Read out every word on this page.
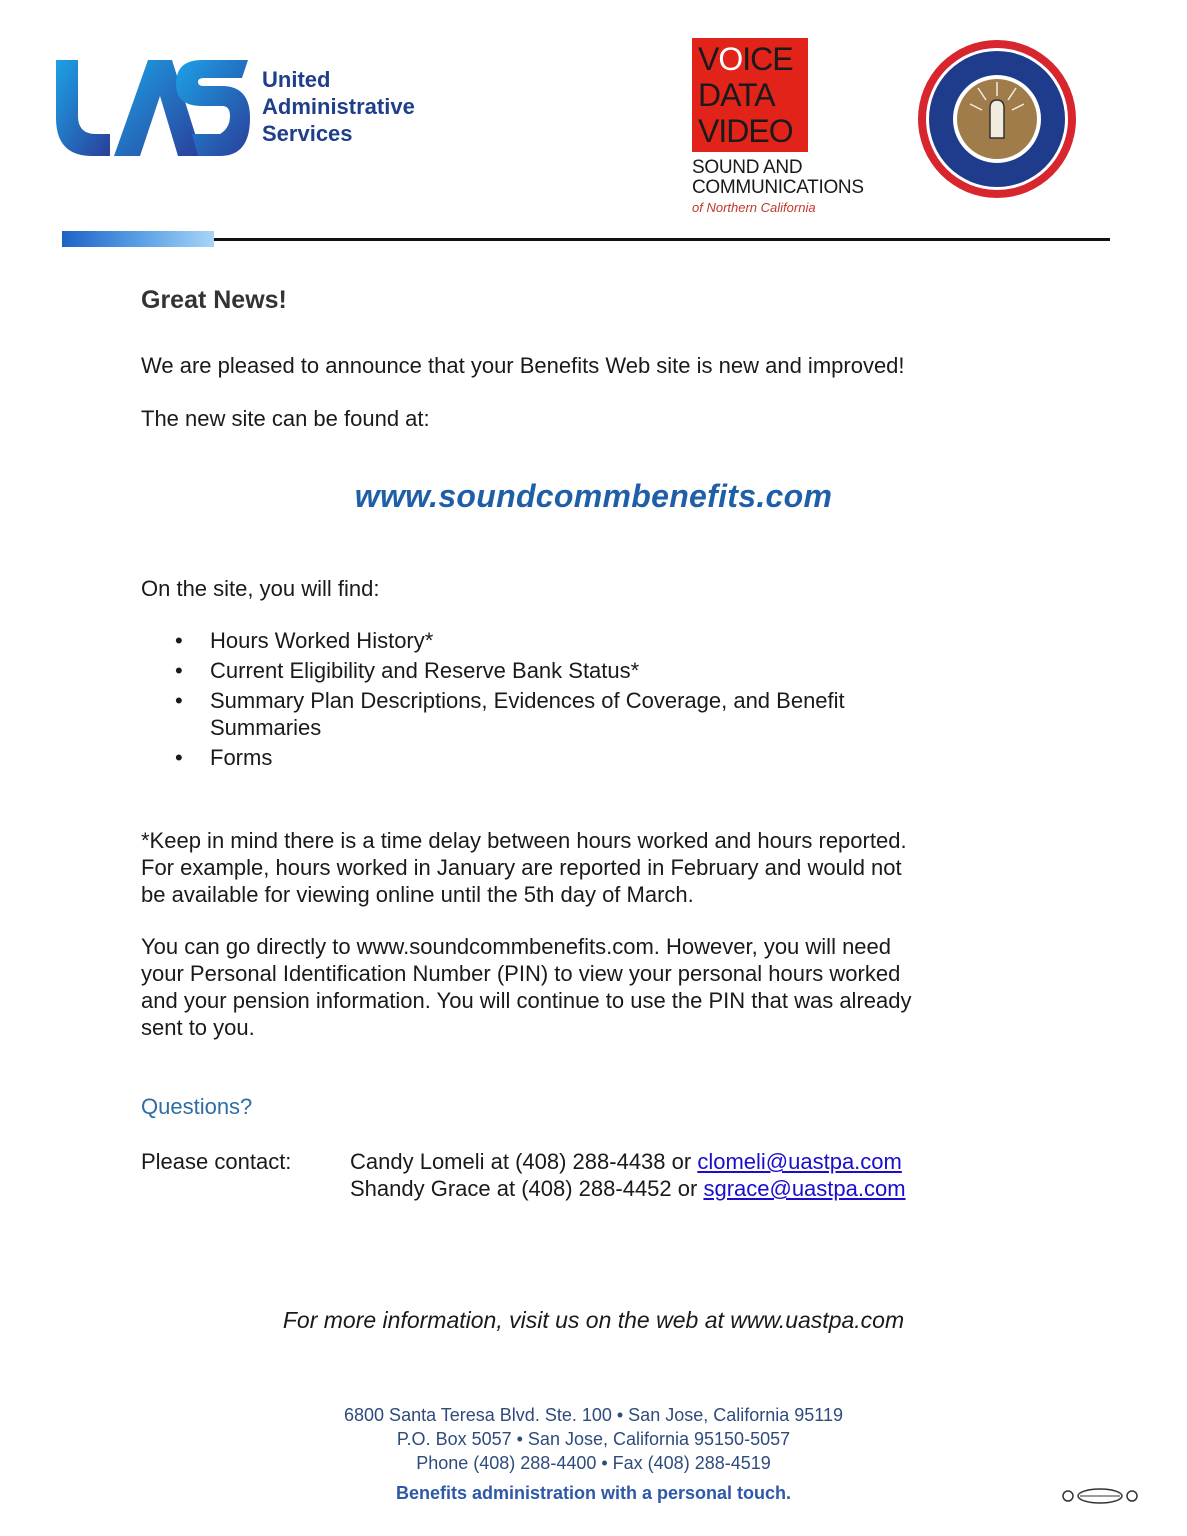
United
Administrative
Services
VOICE
DATA
VIDEO
SOUND AND
COMMUNICATIONS
of Northern California
Great News!
We are pleased to announce that your Benefits Web site is new and improved!
The new site can be found at:
www.soundcommbenefits.com
On the site, you will find:
• Hours Worked History*
• Current Eligibility and Reserve Bank Status*
• Summary Plan Descriptions, Evidences of Coverage, and Benefit
Summaries
• Forms
*Keep in mind there is a time delay between hours worked and hours reported.
For example, hours worked in January are reported in February and would not
be available for viewing online until the 5th day of March.
You can go directly to www.soundcommbenefits.com. However, you will need
your Personal Identification Number (PIN) to view your personal hours worked
and your pension information. You will continue to use the PIN that was already
sent to you.
Questions?
Please contact:	Candy Lomeli at (408) 288-4438 or clomeli@uastpa.com
Shandy Grace at (408) 288-4452 or sgrace@uastpa.com
For more information, visit us on the web at www.uastpa.com
6800 Santa Teresa Blvd. Ste. 100 • San Jose, California 95119
P.O. Box 5057 • San Jose, California 95150-5057
Phone (408) 288-4400 • Fax (408) 288-4519
Benefits administration with a personal touch.
